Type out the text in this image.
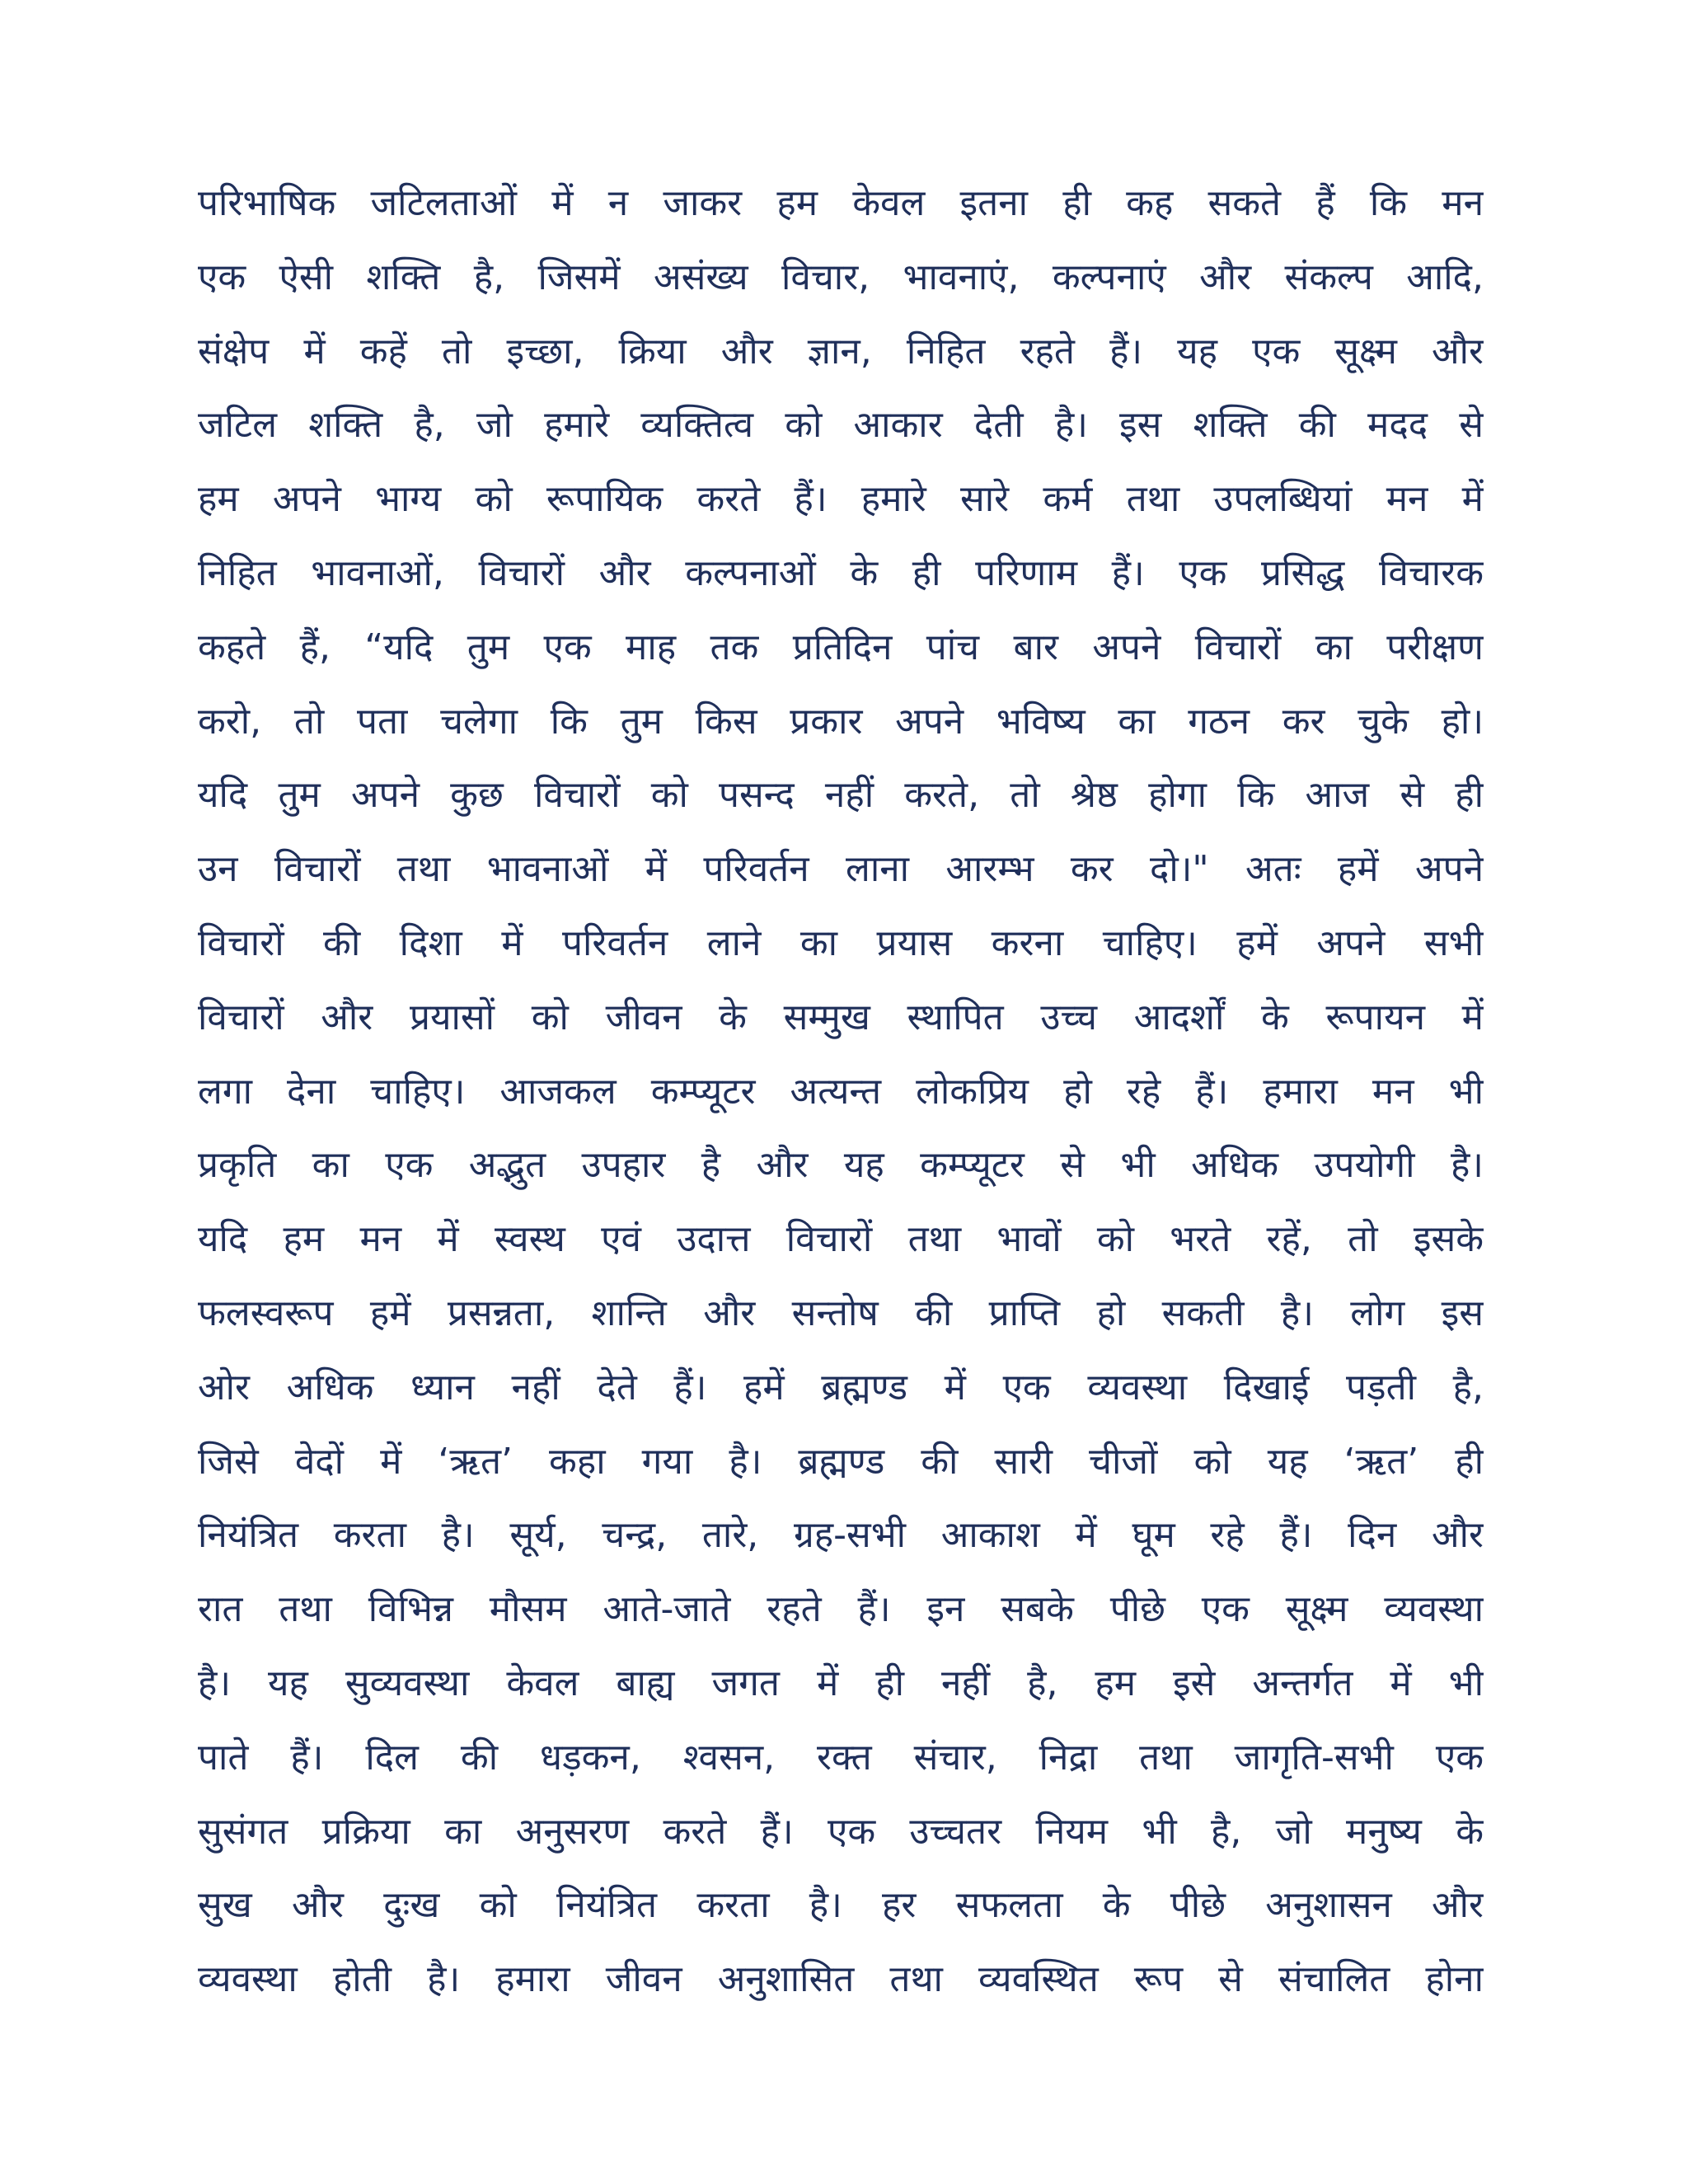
परिभाषिक जटिलताओं में न जाकर हम केवल इतना ही कह सकते हैं कि मन
एक ऐसी शक्ति है, जिसमें असंख्य विचार, भावनाएं, कल्पनाएं और संकल्प आदि,
संक्षेप में कहें तो इच्छा, क्रिया और ज्ञान, निहित रहते हैं। यह एक सूक्ष्म और
जटिल शक्ति है, जो हमारे व्यक्तित्व को आकार देती है। इस शक्ति की मदद से
हम अपने भाग्य को रूपायिक करते हैं। हमारे सारे कर्म तथा उपलब्धियां मन में
निहित भावनाओं, विचारों और कल्पनाओं के ही परिणाम हैं। एक प्रसिद्ध विचारक
कहते हैं, “यदि तुम एक माह तक प्रतिदिन पांच बार अपने विचारों का परीक्षण
करो, तो पता चलेगा कि तुम किस प्रकार अपने भविष्य का गठन कर चुके हो।
यदि तुम अपने कुछ विचारों को पसन्द नहीं करते, तो श्रेष्ठ होगा कि आज से ही
उन विचारों तथा भावनाओं में परिवर्तन लाना आरम्भ कर दो।" अतः हमें अपने
विचारों की दिशा में परिवर्तन लाने का प्रयास करना चाहिए। हमें अपने सभी
विचारों और प्रयासों को जीवन के सम्मुख स्थापित उच्च आदर्शों के रूपायन में
लगा देना चाहिए। आजकल कम्प्यूटर अत्यन्त लोकप्रिय हो रहे हैं। हमारा मन भी
प्रकृति का एक अद्भुत उपहार है और यह कम्प्यूटर से भी अधिक उपयोगी है।
यदि हम मन में स्वस्थ एवं उदात्त विचारों तथा भावों को भरते रहें, तो इसके
फलस्वरूप हमें प्रसन्नता, शान्ति और सन्तोष की प्राप्ति हो सकती है। लोग इस
ओर अधिक ध्यान नहीं देते हैं। हमें ब्रह्मण्ड में एक व्यवस्था दिखाई पड़ती है,
जिसे वेदों में ‘ऋत’ कहा गया है। ब्रह्मण्ड की सारी चीजों को यह ‘ऋत’ ही
नियंत्रित करता है। सूर्य, चन्द्र, तारे, ग्रह-सभी आकाश में घूम रहे हैं। दिन और
रात तथा विभिन्न मौसम आते-जाते रहते हैं। इन सबके पीछे एक सूक्ष्म व्यवस्था
है। यह सुव्यवस्था केवल बाह्य जगत में ही नहीं है, हम इसे अन्तर्गत में भी
पाते हैं। दिल की धड़कन, श्वसन, रक्त संचार, निद्रा तथा जागृति-सभी एक
सुसंगत प्रक्रिया का अनुसरण करते हैं। एक उच्चतर नियम भी है, जो मनुष्य के
सुख और दुःख को नियंत्रित करता है। हर सफलता के पीछे अनुशासन और
व्यवस्था होती है। हमारा जीवन अनुशासित तथा व्यवस्थित रूप से संचालित होना
